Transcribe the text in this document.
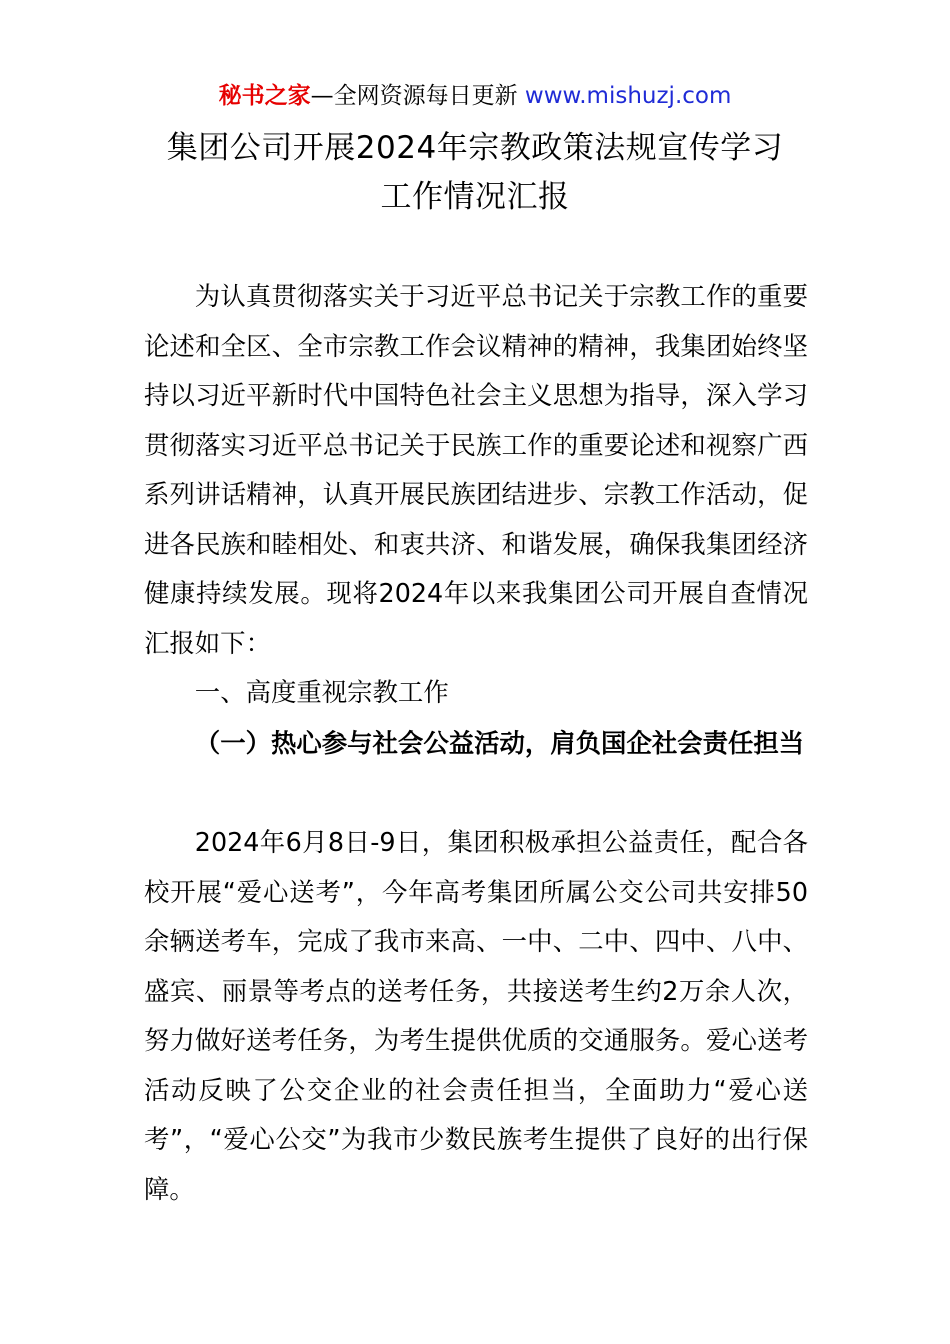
秘书之家—全网资源每日更新 www.mishuzj.com
集团公司开展2024年宗教政策法规宣传学习
工作情况汇报

为认真贯彻落实关于习近平总书记关于宗教工作的重要论述和全区、全市宗教工作会议精神的精神，我集团始终坚持以习近平新时代中国特色社会主义思想为指导，深入学习贯彻落实习近平总书记关于民族工作的重要论述和视察广西系列讲话精神，认真开展民族团结进步、宗教工作活动，促进各民族和睦相处、和衷共济、和谐发展，确保我集团经济健康持续发展。现将2024年以来我集团公司开展自查情况汇报如下：

一、高度重视宗教工作

（一）热心参与社会公益活动，肩负国企社会责任担当

2024年6月8日-9日，集团积极承担公益责任，配合各校开展“爱心送考”，今年高考集团所属公交公司共安排50余辆送考车，完成了我市来高、一中、二中、四中、八中、盛宾、丽景等考点的送考任务，共接送考生约2万余人次，努力做好送考任务，为考生提供优质的交通服务。爱心送考活动反映了公交企业的社会责任担当，全面助力“爱心送考”，“爱心公交”为我市少数民族考生提供了良好的出行保障。
